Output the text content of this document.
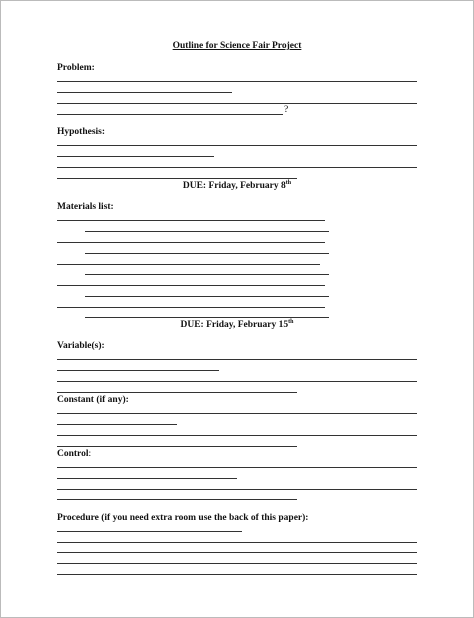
Outline for Science Fair Project
Problem:
?
Hypothesis:
DUE: Friday, February 8th
Materials list:
DUE: Friday, February 15th
Variable(s):
Constant (if any):
Control:
Procedure (if you need extra room use the back of this paper):
